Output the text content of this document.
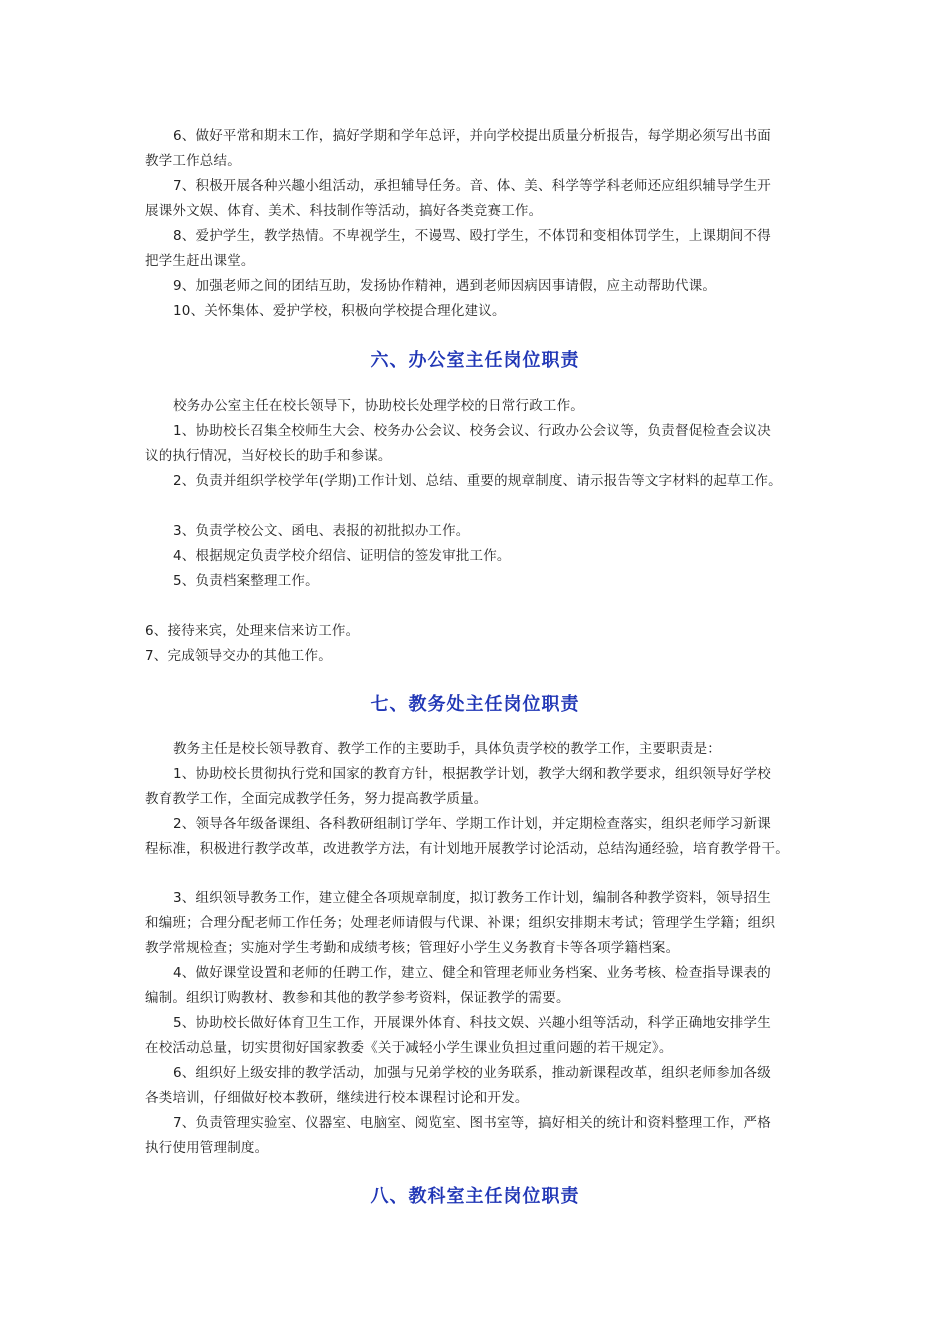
6、做好平常和期末工作，搞好学期和学年总评，并向学校提出质量分析报告，每学期必须写出书面

教学工作总结。

7、积极开展各种兴趣小组活动，承担辅导任务。音、体、美、科学等学科老师还应组织辅导学生开

展课外文娱、体育、美术、科技制作等活动，搞好各类竞赛工作。

8、爱护学生，教学热情。不卑视学生，不谩骂、殴打学生，不体罚和变相体罚学生，上课期间不得

把学生赶出课堂。

9、加强老师之间的团结互助，发扬协作精神，遇到老师因病因事请假，应主动帮助代课。

10、关怀集体、爱护学校，积极向学校提合理化建议。

六、办公室主任岗位职责

校务办公室主任在校长领导下，协助校长处理学校的日常行政工作。

1、协助校长召集全校师生大会、校务办公会议、校务会议、行政办公会议等，负责督促检查会议决

议的执行情况，当好校长的助手和参谋。

2、负责并组织学校学年(学期)工作计划、总结、重要的规章制度、请示报告等文字材料的起草工作。

3、负责学校公文、函电、表报的初批拟办工作。

4、根据规定负责学校介绍信、证明信的签发审批工作。

5、负责档案整理工作。

6、接待来宾，处理来信来访工作。

7、完成领导交办的其他工作。

七、教务处主任岗位职责

教务主任是校长领导教育、教学工作的主要助手，具体负责学校的教学工作，主要职责是：

1、协助校长贯彻执行党和国家的教育方针，根据教学计划，教学大纲和教学要求，组织领导好学校

教育教学工作，全面完成教学任务，努力提高教学质量。

2、领导各年级备课组、各科教研组制订学年、学期工作计划，并定期检查落实，组织老师学习新课

程标准，积极进行教学改革，改进教学方法，有计划地开展教学讨论活动，总结沟通经验，培育教学骨干。

3、组织领导教务工作，建立健全各项规章制度，拟订教务工作计划，编制各种教学资料，领导招生

和编班；合理分配老师工作任务；处理老师请假与代课、补课；组织安排期末考试；管理学生学籍；组织

教学常规检查；实施对学生考勤和成绩考核；管理好小学生义务教育卡等各项学籍档案。

4、做好课堂设置和老师的任聘工作，建立、健全和管理老师业务档案、业务考核、检查指导课表的

编制。组织订购教材、教参和其他的教学参考资料，保证教学的需要。

5、协助校长做好体育卫生工作，开展课外体育、科技文娱、兴趣小组等活动，科学正确地安排学生

在校活动总量，切实贯彻好国家教委《关于减轻小学生课业负担过重问题的若干规定》。

6、组织好上级安排的教学活动，加强与兄弟学校的业务联系，推动新课程改革，组织老师参加各级

各类培训，仔细做好校本教研，继续进行校本课程讨论和开发。

7、负责管理实验室、仪器室、电脑室、阅览室、图书室等，搞好相关的统计和资料整理工作，严格

执行使用管理制度。

八、教科室主任岗位职责
